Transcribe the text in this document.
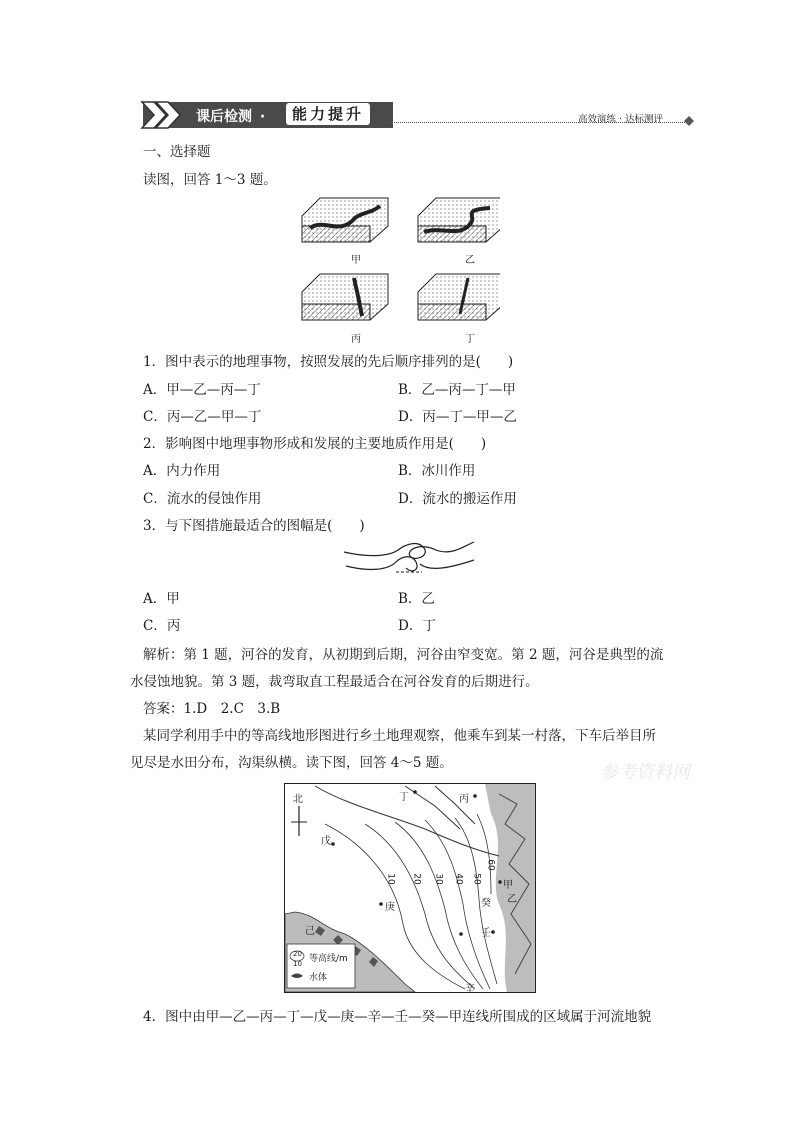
课后检测 ·	能力提升	高效演练 · 达标测评
一、选择题
读图，回答 1～3 题。
甲	乙
丙	丁
1．图中表示的地理事物，按照发展的先后顺序排列的是(　　)
A．甲—乙—丙—丁	B．乙—丙—丁—甲
C．丙—乙—甲—丁	D．丙—丁—甲—乙
2．影响图中地理事物形成和发展的主要地质作用是(　　)
A．内力作用	B．冰川作用
C．流水的侵蚀作用	D．流水的搬运作用
3．与下图措施最适合的图幅是(　　)
A．甲	B．乙
C．丙	D．丁
解析：第 1 题，河谷的发育，从初期到后期，河谷由窄变宽。第 2 题，河谷是典型的流
水侵蚀地貌。第 3 题，裁弯取直工程最适合在河谷发育的后期进行。
答案：1.D　2.C　3.B
某同学利用手中的等高线地形图进行乡土地理观察，他乘车到某一村落，下车后举目所
见尽是水田分布，沟渠纵横。读下图，回答 4～5 题。	参考资料网
北	丁	丙
戊
甲
癸
庚
壬
乙
己
辛
10 20 30 40 50
60
20
10 等高线/m
水体
4．图中由甲—乙—丙—丁—戊—庚—辛—壬—癸—甲连线所围成的区域属于河流地貌
